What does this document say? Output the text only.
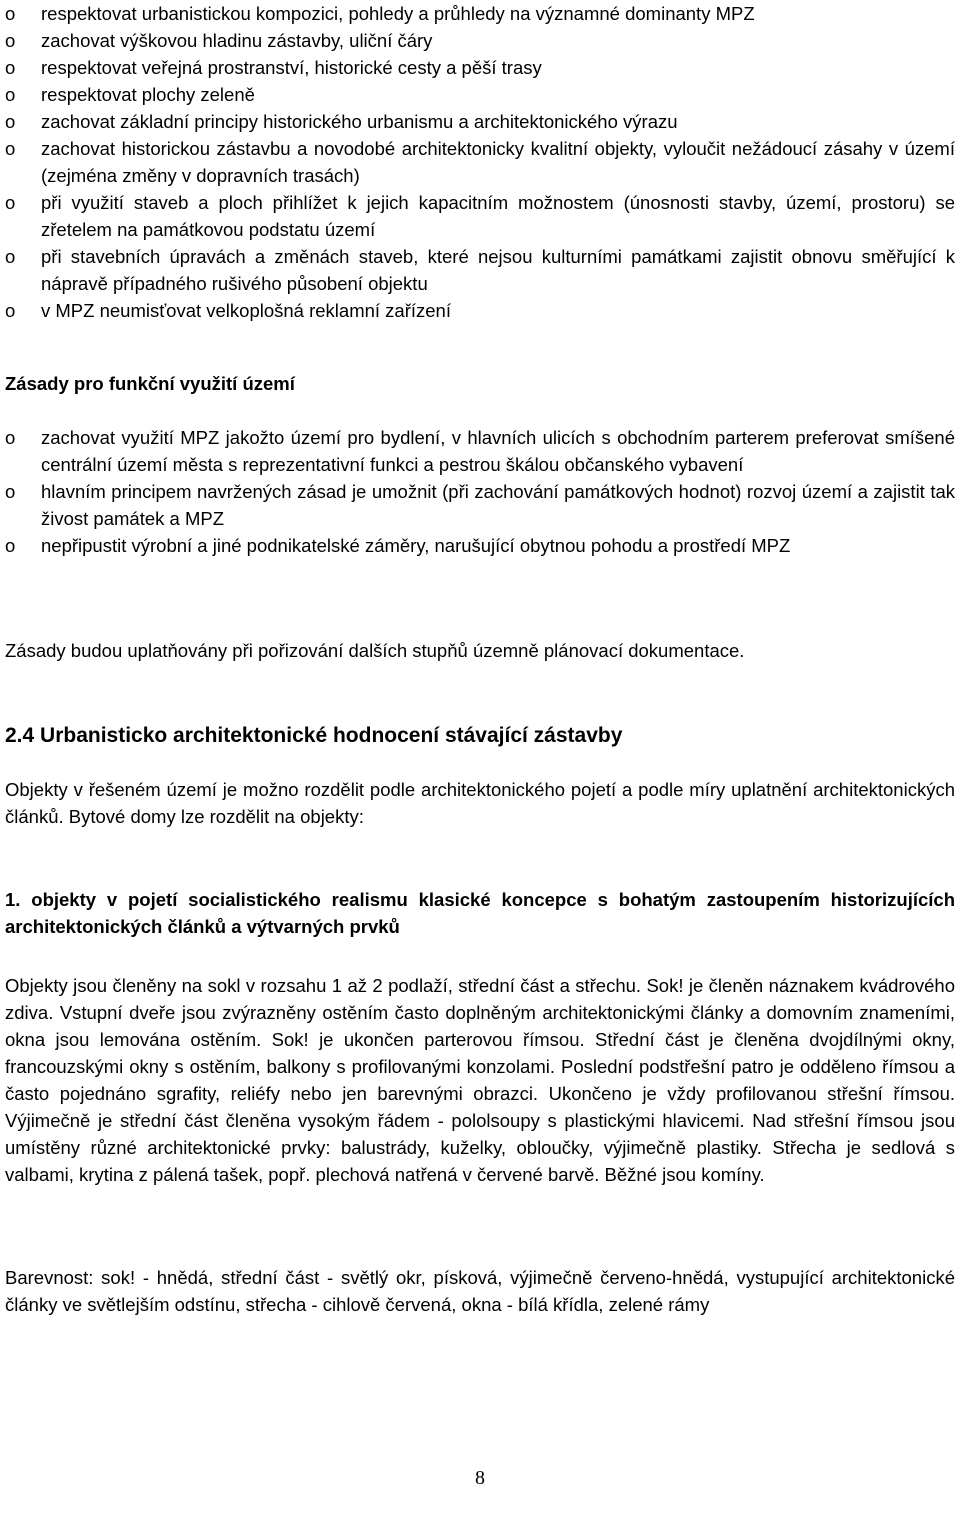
o	respektovat urbanistickou kompozici, pohledy a průhledy na významné dominanty MPZ
o	zachovat výškovou hladinu zástavby, uliční čáry
o	respektovat veřejná prostranství, historické cesty a pěší trasy
o	respektovat plochy zeleně
o	zachovat základní principy historického urbanismu a architektonického výrazu
o	zachovat historickou zástavbu a novodobé architektonicky kvalitní objekty, vyloučit nežádoucí zásahy v území (zejména změny v dopravních trasách)
o	při využití staveb a ploch přihlížet k jejich kapacitním možnostem (únosnosti stavby, území, prostoru) se zřetelem na památkovou podstatu území
o	při stavebních úpravách a změnách staveb, které nejsou kulturními památkami zajistit obnovu směřující k nápravě případného rušivého působení objektu
o	v MPZ neumisťovat velkoplošná reklamní zařízení
Zásady pro funkční využití území
o	zachovat využití MPZ jakožto území pro bydlení, v hlavních ulicích s obchodním parterem preferovat smíšené centrální území města s reprezentativní funkci a pestrou škálou občanského vybavení
o	hlavním principem navržených zásad je umožnit (při zachování památkových hodnot) rozvoj území a zajistit tak živost památek a MPZ
o	nepřipustit výrobní a jiné podnikatelské záměry, narušující obytnou pohodu a prostředí MPZ

Zásady budou uplatňovány při pořizování dalších stupňů územně plánovací dokumentace.

2.4 Urbanisticko architektonické hodnocení stávající zástavby

Objekty v řešeném území je možno rozdělit podle architektonického pojetí a podle míry uplatnění architektonických článků. Bytové domy lze rozdělit na objekty:

1. objekty v pojetí socialistického realismu klasické koncepce s bohatým zastoupením historizujících architektonických článků a výtvarných prvků

Objekty jsou členěny na sokl v rozsahu 1 až 2 podlaží, střední část a střechu. Sok! je členěn náznakem kvádrového zdiva. Vstupní dveře jsou zvýrazněny ostěním často doplněným architektonickými články a domovním znameními, okna jsou lemována ostěním. Sok! je ukončen parterovou římsou. Střední část je členěna dvojdílnými okny, francouzskými okny s ostěním, balkony s profilovanými konzolami. Poslední podstřešní patro je odděleno římsou a často pojednáno sgrafity, reliéfy nebo jen barevnými obrazci. Ukončeno je vždy profilovanou střešní římsou. Výjimečně je střední část členěna vysokým řádem - pololsoupy s plastickými hlavicemi. Nad střešní římsou jsou umístěny různé architektonické prvky: balustrády, kuželky, obloučky, výjimečně plastiky. Střecha je sedlová s valbami, krytina z pálená tašek, popř. plechová natřená v červené barvě. Běžné jsou komíny.

Barevnost: sok! - hnědá, střední část - světlý okr, písková, výjimečně červeno-hnědá, vystupující architektonické články ve světlejším odstínu, střecha - cihlově červená, okna - bílá křídla, zelené rámy

8
